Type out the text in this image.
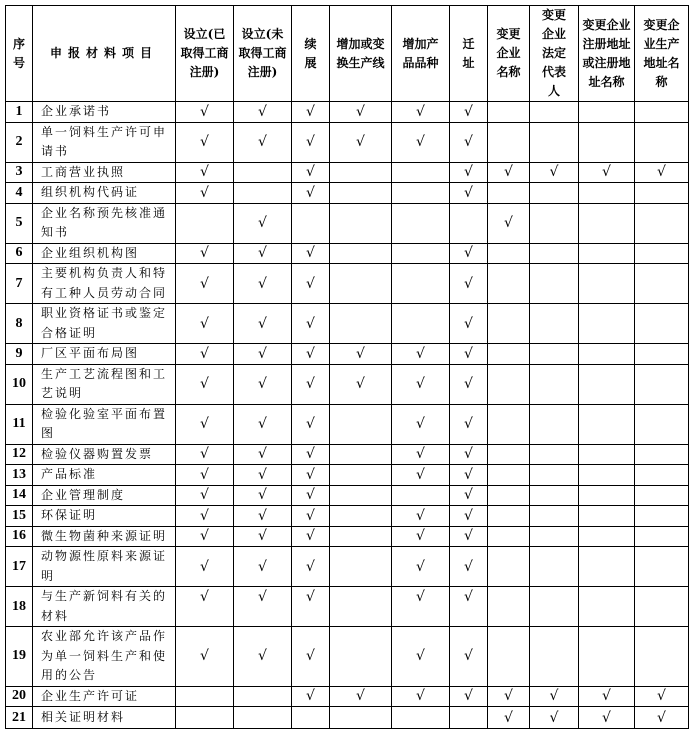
序号	申报材料项目	设立(已取得工商注册)	设立(未取得工商注册)	续展	增加或变换生产线	增加产品品种	迁址	变更企业名称	变更企业法定代表人	变更企业注册地址或注册地址名称	变更企业生产地址名称
1	企业承诺书	√	√	√	√	√	√				
2	单一饲料生产许可申请书	√	√	√	√	√	√				
3	工商营业执照	√		√			√	√	√	√	√
4	组织机构代码证	√		√			√				
5	企业名称预先核准通知书		√					√			
6	企业组织机构图	√	√	√			√				
7	主要机构负责人和特有工种人员劳动合同	√	√	√			√				
8	职业资格证书或鉴定合格证明	√	√	√			√				
9	厂区平面布局图	√	√	√	√	√	√				
10	生产工艺流程图和工艺说明	√	√	√	√	√	√				
11	检验化验室平面布置图	√	√	√		√	√				
12	检验仪器购置发票	√	√	√		√	√				
13	产品标准	√	√	√		√	√				
14	企业管理制度	√	√	√			√				
15	环保证明	√	√	√		√	√				
16	微生物菌种来源证明	√	√	√		√	√				
17	动物源性原料来源证明	√	√	√		√	√				
18	与生产新饲料有关的材料	√	√	√		√	√				
19	农业部允许该产品作为单一饲料生产和使用的公告	√	√	√		√	√				
20	企业生产许可证			√	√	√	√	√	√	√	√
21	相关证明材料							√	√	√	√
